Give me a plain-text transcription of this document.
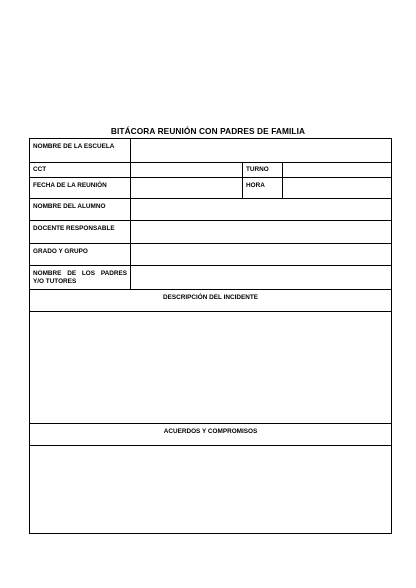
BITÁCORA REUNIÓN CON PADRES DE FAMILIA
NOMBRE DE LA ESCUELA			
CCT		TURNO	
FECHA DE LA REUNIÓN		HORA	
NOMBRE DEL ALUMNO			
DOCENTE RESPONSABLE			
GRADO Y GRUPO			

NOMBRE DE LOS PADRES
Y/O TUTORES			
DESCRIPCIÓN DEL INCIDENTE			

ACUERDOS Y COMPROMISOS			
